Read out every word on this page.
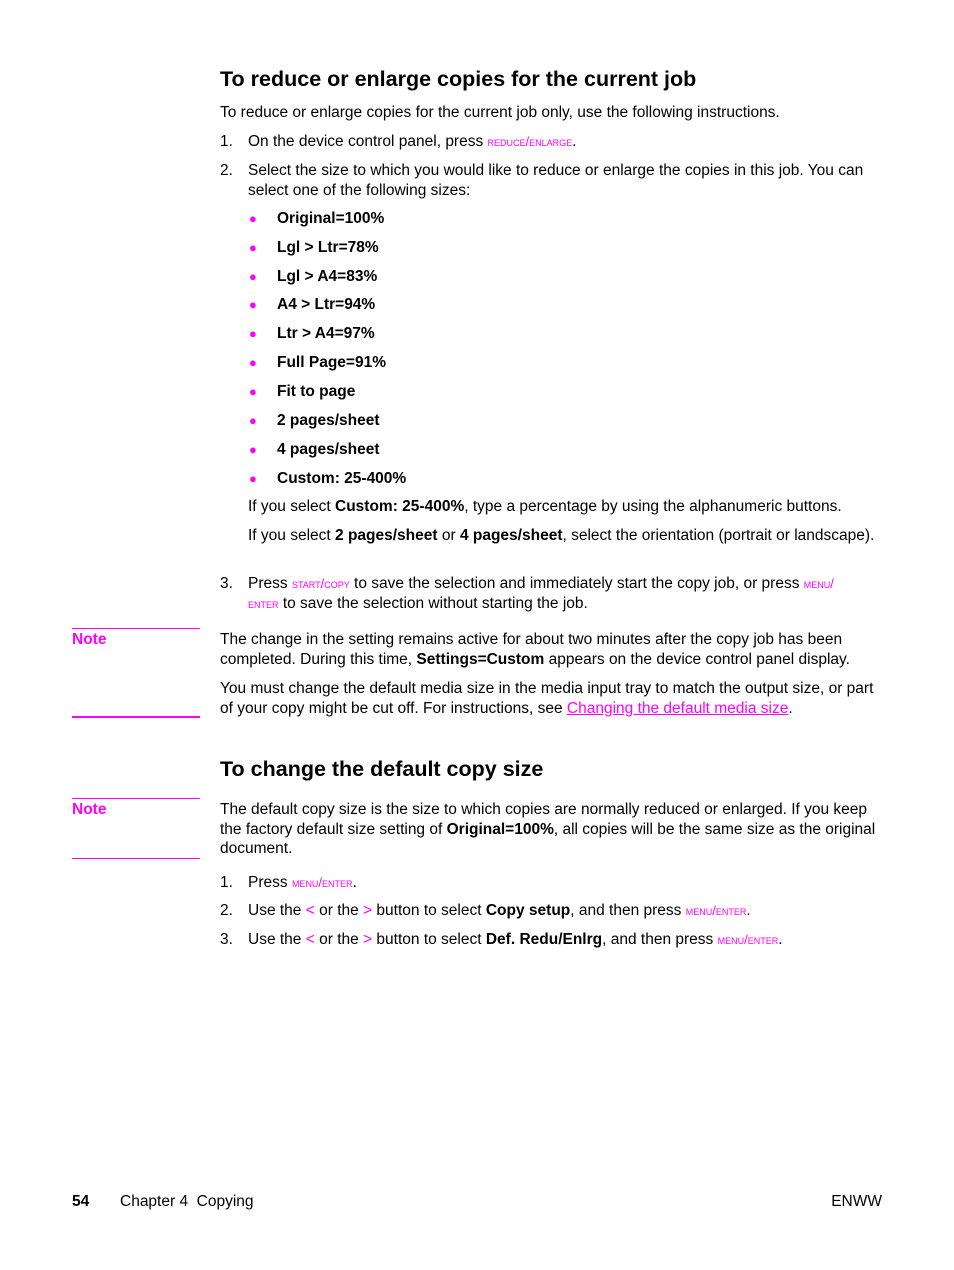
To reduce or enlarge copies for the current job

To reduce or enlarge copies for the current job only, use the following instructions.

1. On the device control panel, press reduce/enlarge.
2. Select the size to which you would like to reduce or enlarge the copies in this job. You can select one of the following sizes:
● Original=100%
● Lgl > Ltr=78%
● Lgl > A4=83%
● A4 > Ltr=94%
● Ltr > A4=97%
● Full Page=91%
● Fit to page
● 2 pages/sheet
● 4 pages/sheet
● Custom: 25-400%
If you select Custom: 25-400%, type a percentage by using the alphanumeric buttons.
If you select 2 pages/sheet or 4 pages/sheet, select the orientation (portrait or landscape).
3. Press start/copy to save the selection and immediately start the copy job, or press menu/
enter to save the selection without starting the job.
Note	The change in the setting remains active for about two minutes after the copy job has been completed. During this time, Settings=Custom appears on the device control panel display.

You must change the default media size in the media input tray to match the output size, or part of your copy might be cut off. For instructions, see Changing the default media size.

To change the default copy size
Note	The default copy size is the size to which copies are normally reduced or enlarged. If you keep the factory default size setting of Original=100%, all copies will be the same size as the original document.

1. Press menu/enter.
2. Use the < or the > button to select Copy setup, and then press menu/enter.
3. Use the < or the > button to select Def. Redu/Enlrg, and then press menu/enter.
54 Chapter 4  Copying	ENWW
